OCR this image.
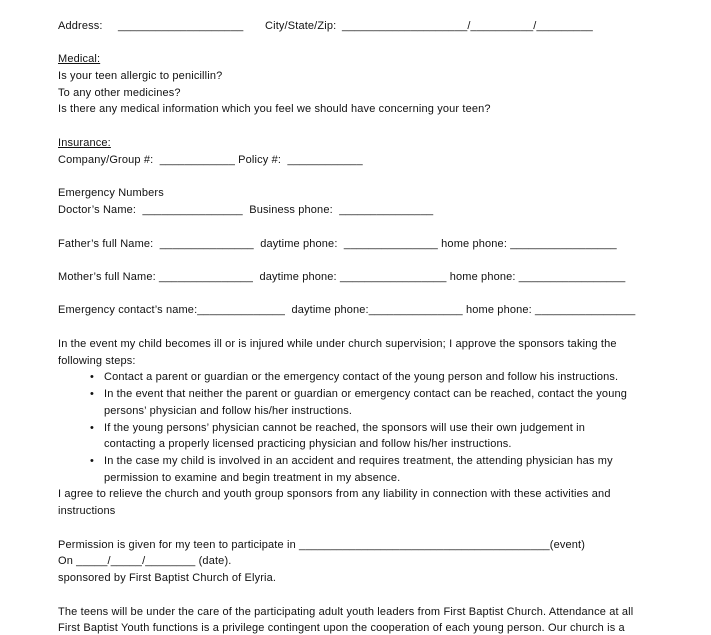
Address: ____________________ City/State/Zip: ____________________/__________/_________
Medical:
Is your teen allergic to penicillin?
To any other medicines?
Is there any medical information which you feel we should have concerning your teen?
Insurance:
Company/Group #:  ____________ Policy #:  ____________
Emergency Numbers
Doctor’s Name:  ________________  Business phone:  _______________
Father’s full Name:  _______________  daytime phone:  _______________ home phone: _________________
Mother’s full Name: _______________  daytime phone: _________________ home phone: _________________
Emergency contact’s name:______________  daytime phone:_______________ home phone: ________________
In the event my child becomes ill or is injured while under church supervision; I approve the sponsors taking the
following steps:
• Contact a parent or guardian or the emergency contact of the young person and follow his instructions.
• In the event that neither the parent or guardian or emergency contact can be reached, contact the young
persons’ physician and follow his/her instructions.
• If the young persons’ physician cannot be reached, the sponsors will use their own judgement in
contacting a properly licensed practicing physician and follow his/her instructions.
• In the case my child is involved in an accident and requires treatment, the attending physician has my
permission to examine and begin treatment in my absence.
I agree to relieve the church and youth group sponsors from any liability in connection with these activities and
instructions
Permission is given for my teen to participate in ________________________________________(event)
On _____/_____/________ (date).
sponsored by First Baptist Church of Elyria.
The teens will be under the care of the participating adult youth leaders from First Baptist Church. Attendance at all
First Baptist Youth functions is a privilege contingent upon the cooperation of each young person. Our church is a
